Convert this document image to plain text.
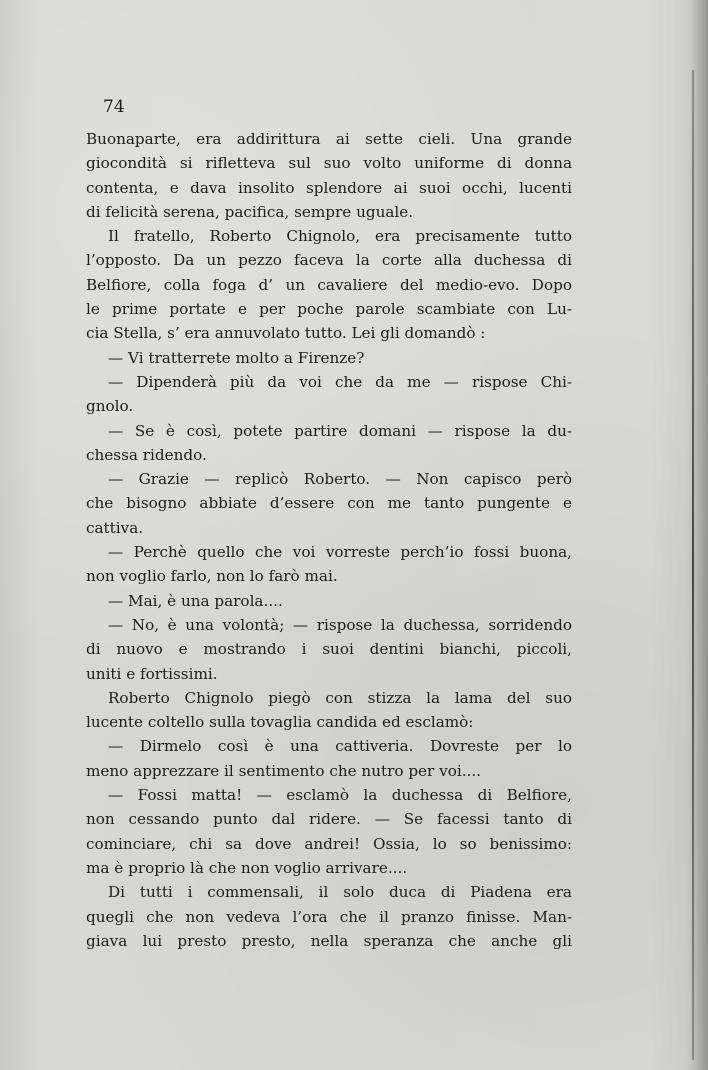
74
Buonaparte, era addirittura ai sette cieli. Una grande
giocondità si rifletteva sul suo volto uniforme di donna
contenta, e dava insolito splendore ai suoi occhi, lucenti
di felicità serena, pacifica, sempre uguale.
Il fratello, Roberto Chignolo, era precisamente tutto
l’opposto. Da un pezzo faceva la corte alla duchessa di
Belfiore, colla foga d’ un cavaliere del medio-evo. Dopo
le prime portate e per poche parole scambiate con Lu-
cia Stella, s’ era annuvolato tutto. Lei gli domandò :
— Vi tratterrete molto a Firenze?
— Dipenderà più da voi che da me — rispose Chi-
gnolo.
— Se è così, potete partire domani — rispose la du-
chessa ridendo.
— Grazie — replicò Roberto. — Non capisco però
che bisogno abbiate d’essere con me tanto pungente e
cattiva.
— Perchè quello che voi vorreste perch’io fossi buona,
non voglio farlo, non lo farò mai.
— Mai, è una parola....
— No, è una volontà; — rispose la duchessa, sorridendo
di nuovo e mostrando i suoi dentini bianchi, piccoli,
uniti e fortissimi.
Roberto Chignolo piegò con stizza la lama del suo
lucente coltello sulla tovaglia candida ed esclamò:
— Dirmelo così è una cattiveria. Dovreste per lo
meno apprezzare il sentimento che nutro per voi....
— Fossi matta! — esclamò la duchessa di Belfiore,
non cessando punto dal ridere. — Se facessi tanto di
cominciare, chi sa dove andrei! Ossia, lo so benissimo:
ma è proprio là che non voglio arrivare....
Di tutti i commensali, il solo duca di Piadena era
quegli che non vedeva l’ora che il pranzo finisse. Man-
giava lui presto presto, nella speranza che anche gli
